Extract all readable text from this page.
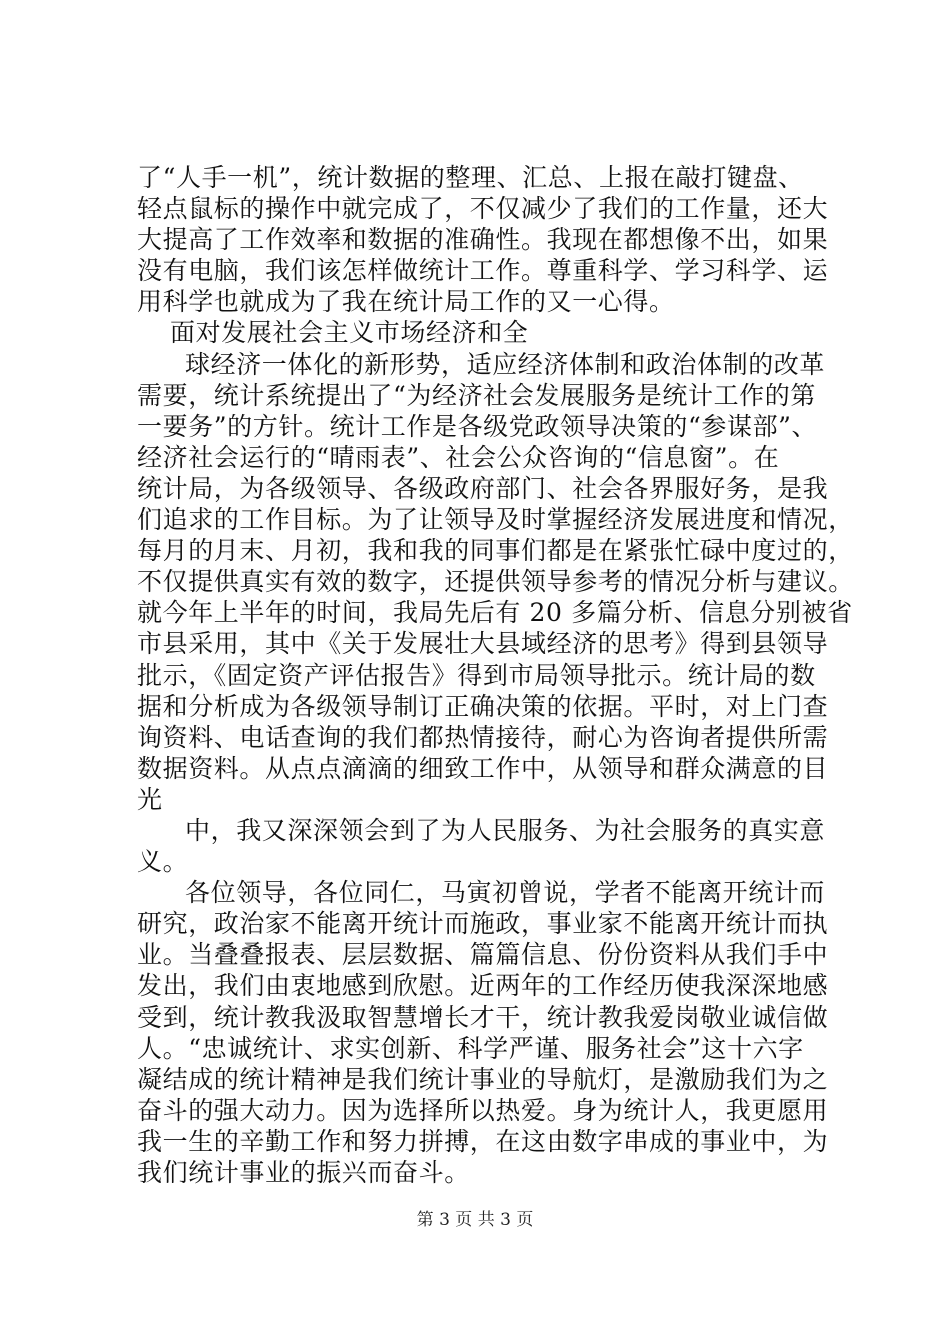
了“人手一机”，统计数据的整理、汇总、上报在敲打键盘、
轻点鼠标的操作中就完成了，不仅减少了我们的工作量，还大
大提高了工作效率和数据的准确性。我现在都想像不出，如果
没有电脑，我们该怎样做统计工作。尊重科学、学习科学、运
用科学也就成为了我在统计局工作的又一心得。
面对发展社会主义市场经济和全
球经济一体化的新形势，适应经济体制和政治体制的改革
需要，统计系统提出了“为经济社会发展服务是统计工作的第
一要务”的方针。统计工作是各级党政领导决策的“参谋部”、
经济社会运行的“晴雨表”、社会公众咨询的“信息窗”。在
统计局，为各级领导、各级政府部门、社会各界服好务，是我
们追求的工作目标。为了让领导及时掌握经济发展进度和情况，
每月的月末、月初，我和我的同事们都是在紧张忙碌中度过的，
不仅提供真实有效的数字，还提供领导参考的情况分析与建议。
就今年上半年的时间，我局先后有 20 多篇分析、信息分别被省
市县采用，其中《关于发展壮大县域经济的思考》得到县领导
批示，《固定资产评估报告》得到市局领导批示。统计局的数
据和分析成为各级领导制订正确决策的依据。平时，对上门查
询资料、电话查询的我们都热情接待，耐心为咨询者提供所需
数据资料。从点点滴滴的细致工作中，从领导和群众满意的目
光
中，我又深深领会到了为人民服务、为社会服务的真实意
义。
各位领导，各位同仁，马寅初曾说，学者不能离开统计而
研究，政治家不能离开统计而施政，事业家不能离开统计而执
业。当叠叠报表、层层数据、篇篇信息、份份资料从我们手中
发出，我们由衷地感到欣慰。近两年的工作经历使我深深地感
受到，统计教我汲取智慧增长才干，统计教我爱岗敬业诚信做
人。“忠诚统计、求实创新、科学严谨、服务社会”这十六字
凝结成的统计精神是我们统计事业的导航灯，是激励我们为之
奋斗的强大动力。因为选择所以热爱。身为统计人，我更愿用
我一生的辛勤工作和努力拼搏，在这由数字串成的事业中，为
我们统计事业的振兴而奋斗。
第 3 页 共 3 页
